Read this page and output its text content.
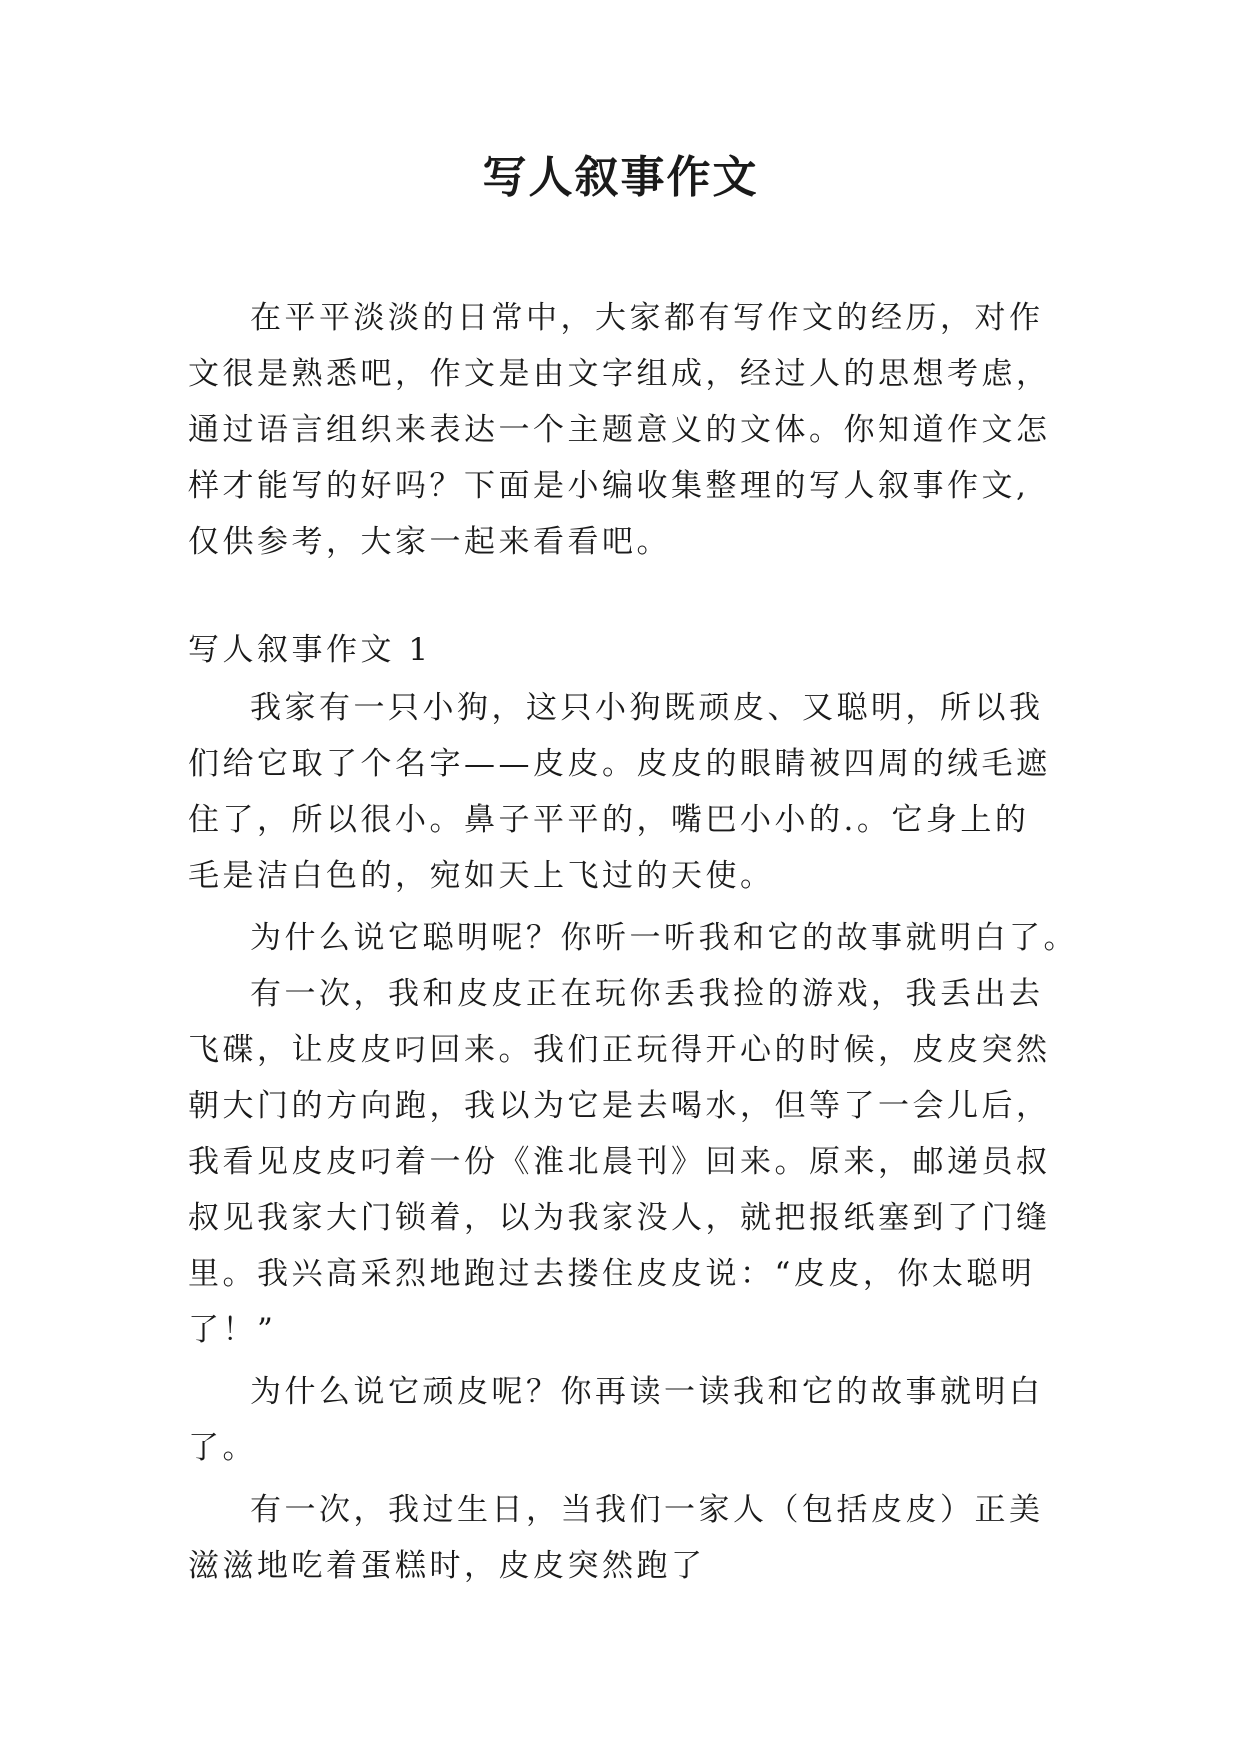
写人叙事作文

在平平淡淡的日常中，大家都有写作文的经历，对作文很是熟悉吧，作文是由文字组成，经过人的思想考虑，通过语言组织来表达一个主题意义的文体。你知道作文怎样才能写的好吗？下面是小编收集整理的写人叙事作文,仅供参考，大家一起来看看吧。

写人叙事作文 1

我家有一只小狗，这只小狗既顽皮、又聪明，所以我们给它取了个名字——皮皮。皮皮的眼睛被四周的绒毛遮住了，所以很小。鼻子平平的，嘴巴小小的.。它身上的毛是洁白色的，宛如天上飞过的天使。

为什么说它聪明呢？你听一听我和它的故事就明白了。

有一次，我和皮皮正在玩你丢我捡的游戏，我丢出去飞碟，让皮皮叼回来。我们正玩得开心的时候，皮皮突然朝大门的方向跑，我以为它是去喝水，但等了一会儿后，我看见皮皮叼着一份《淮北晨刊》回来。原来，邮递员叔叔见我家大门锁着，以为我家没人，就把报纸塞到了门缝里。我兴高采烈地跑过去搂住皮皮说：“皮皮，你太聪明了！”

为什么说它顽皮呢？你再读一读我和它的故事就明白了。

有一次，我过生日，当我们一家人（包括皮皮）正美滋滋地吃着蛋糕时，皮皮突然跑了
